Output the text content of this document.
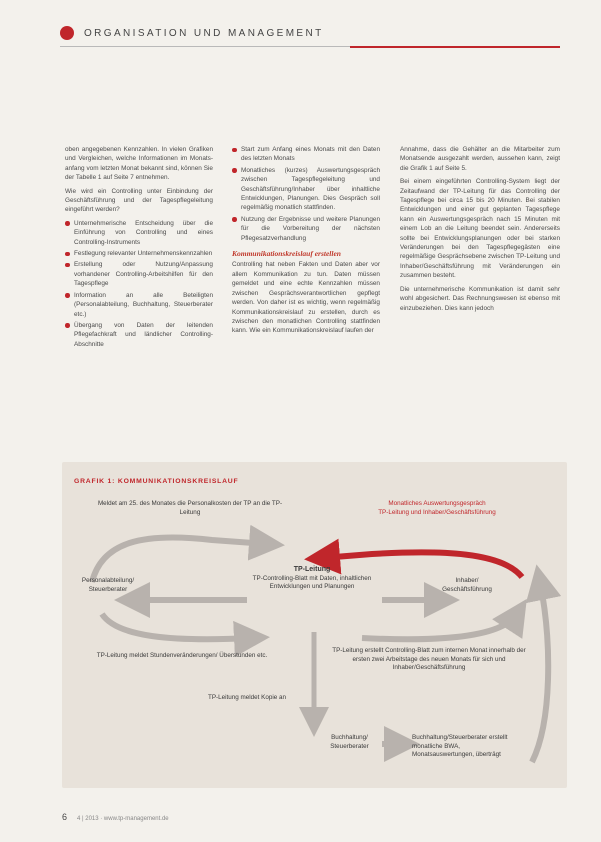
ORGANISATION UND MANAGEMENT

oben angegebenen Kennzahlen. In vielen Grafiken und Vergleichen, welche Informationen im Monats- anfang vom letzten Monat bekannt sind, können Sie der Tabelle 1 auf Seite 7 entnehmen.

Wie wird ein Controlling unter Einbindung der Geschäftsführung und der Tagespflegeleitung eingeführt werden?

Unternehmerische Entscheidung über die Einführung von Controlling und eines Controlling-Instruments
Festlegung relevanter Unternehmenskennzahlen
Erstellung oder Nutzung/Anpassung vorhandener Controlling-Arbeitshilfen für den Tagespflege
Information an alle Beteiligten (Personalabteilung, Buchhaltung, Steuerberater etc.)
Übergang von Daten der leitenden Pflegefachkraft und ländlicher Controlling-Abschnitte
Start zum Anfang eines Monats mit den Daten des letzten Monats
Monatliches (kurzes) Auswertungsgespräch zwischen Tagespflegeleitung und Geschäftsführung/Inhaber über inhaltliche Entwicklungen, Planungen. Dies Gespräch soll regelmäßig monatlich stattfinden.
Nutzung der Ergebnisse und weitere Planungen für die Vorbereitung der nächsten Pflegesatzverhandlung
Kommunikationskreislauf erstellen

Controlling hat neben Fakten und Daten aber vor allem Kommunikation zu tun. Daten müssen gemeldet und eine echte Kennzahlen müssen zwischen Gesprächsverantwortlichen gepflegt werden. Von daher ist es wichtig, wenn regelmäßig Kommunikationskreislauf zu erstellen, durch es zwischen den monatlichen Controlling stattfinden kann. Wie ein Kommunikationskreislauf laufen der

Annahme, dass die Gehälter an die Mitarbeiter zum Monatsende ausgezahlt werden, aussehen kann, zeigt die Grafik 1 auf Seite 5.

Bei einem eingeführten Controlling-System liegt der Zeitaufwand der TP-Leitung für das Controlling der Tagespflege bei circa 15 bis 20 Minuten. Bei stabilen Entwicklungen und einer gut geplanten Tagespflege kann ein Auswertungsgespräch nach 15 Minuten mit einem Lob an die Leitung beendet sein. Andererseits sollte bei Entwicklungsplanungen oder bei starken Veränderungen bei den Tagespflegegästen eine regelmäßige Gesprächsebene zwischen TP-Leitung und Inhaber/Geschäftsführung mit Veränderungen ein zusammen besteht.

Die unternehmerische Kommunikation ist damit sehr wohl abgesichert. Das Rechnungswesen ist ebenso mit einzubeziehen. Dies kann jedoch

GRAFIK 1: KOMMUNIKATIONSKREISLAUF
Meldet am 25. des Monates die Personalkosten der TP an die TP-Leitung
Monatliches Auswertungsgespräch
TP-Leitung und Inhaber/Geschäftsführung
Personalabteilung/
Steuerberater
TP-Leitung
TP-Controlling-Blatt mit Daten, inhaltlichen Entwicklungen und Planungen
Inhaber/
Geschäftsführung
TP-Leitung meldet Stundenveränderungen/ Überstunden etc.
TP-Leitung meldet Kopie an
TP-Leitung erstellt Controlling-Blatt zum internen Monat innerhalb der ersten zwei Arbeitstage des neuen Monats für sich und Inhaber/Geschäftsführung
Buchhaltung/
Steuerberater
Buchhaltung/Steuerberater erstellt monatliche BWA, Monatsauswertungen, überträgt
6 4 | 2013 · www.tp-management.de
